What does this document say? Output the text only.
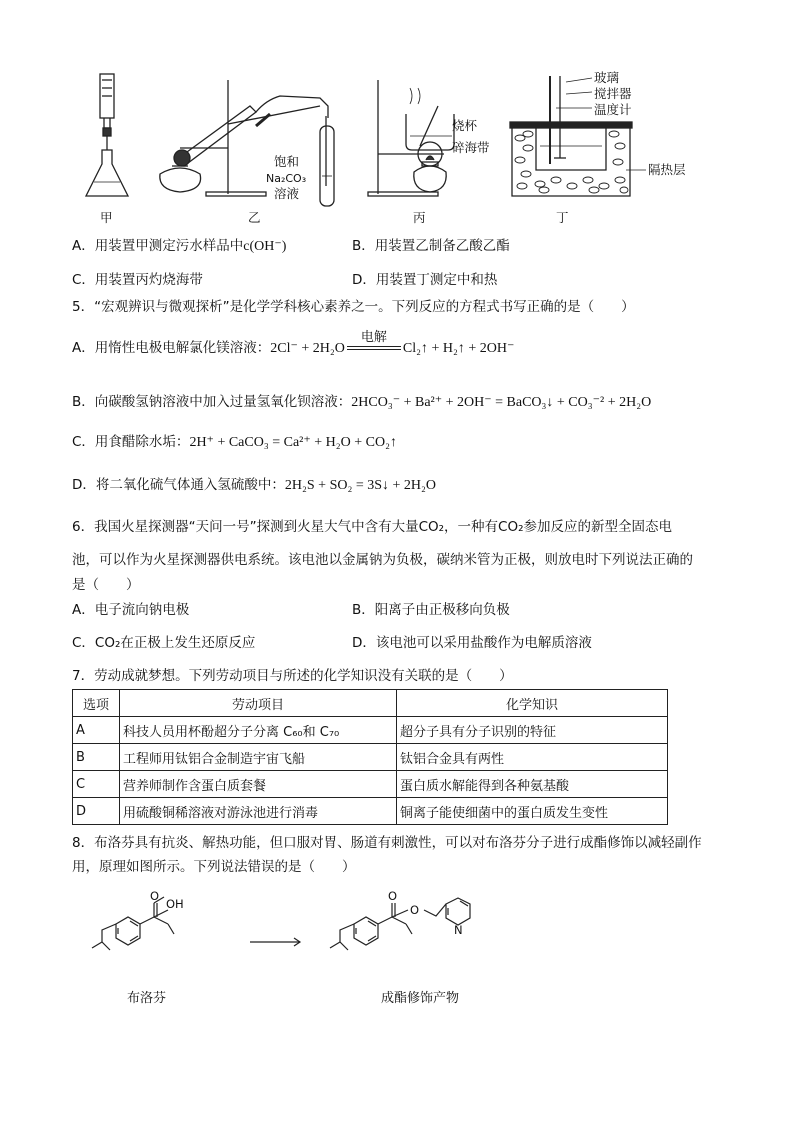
甲	乙	丙	丁
饱和
Na₂CO₃
溶液
烧杯
碎海带
玻璃
搅拌器
温度计
隔热层
A．用装置甲测定污水样品中c(OH⁻)	B．用装置乙制备乙酸乙酯
C．用装置丙灼烧海带	D．用装置丁测定中和热
5．“宏观辨识与微观探析”是化学学科核心素养之一。下列反应的方程式书写正确的是（　　）
A．用惰性电极电解氯化镁溶液：2Cl⁻ + 2H₂O
电解
Cl₂↑ + H₂↑ + 2OH⁻
B．向碳酸氢钠溶液中加入过量氢氧化钡溶液：2HCO₃⁻ + Ba²⁺ + 2OH⁻ = BaCO₃↓ + CO₃⁻² + 2H₂O
C．用食醋除水垢：2H⁺ + CaCO₃ = Ca²⁺ + H₂O + CO₂↑
D．将二氧化硫气体通入氢硫酸中：2H₂S + SO₂ = 3S↓ + 2H₂O
6．我国火星探测器“天问一号”探测到火星大气中含有大量CO₂，一种有CO₂参加反应的新型全固态电
池，可以作为火星探测器供电系统。该电池以金属钠为负极，碳纳米管为正极，则放电时下列说法正确的
是（　　）
A．电子流向钠电极	B．阳离子由正极移向负极
C．CO₂在正极上发生还原反应	D．该电池可以采用盐酸作为电解质溶液
7．劳动成就梦想。下列劳动项目与所述的化学知识没有关联的是（　　）
选项	劳动项目	化学知识
A	科技人员用杯酚超分子分离 C₆₀和 C₇₀	超分子具有分子识别的特征
B	工程师用钛铝合金制造宇宙飞船	钛铝合金具有两性
C	营养师制作含蛋白质套餐	蛋白质水解能得到各种氨基酸
D	用硫酸铜稀溶液对游泳池进行消毒	铜离子能使细菌中的蛋白质发生变性
8．布洛芬具有抗炎、解热功能，但口服对胃、肠道有刺激性，可以对布洛芬分子进行成酯修饰以减轻副作
用，原理如图所示。下列说法错误的是（　　）
OH
O	O
O
N
布洛芬	成酯修饰产物
